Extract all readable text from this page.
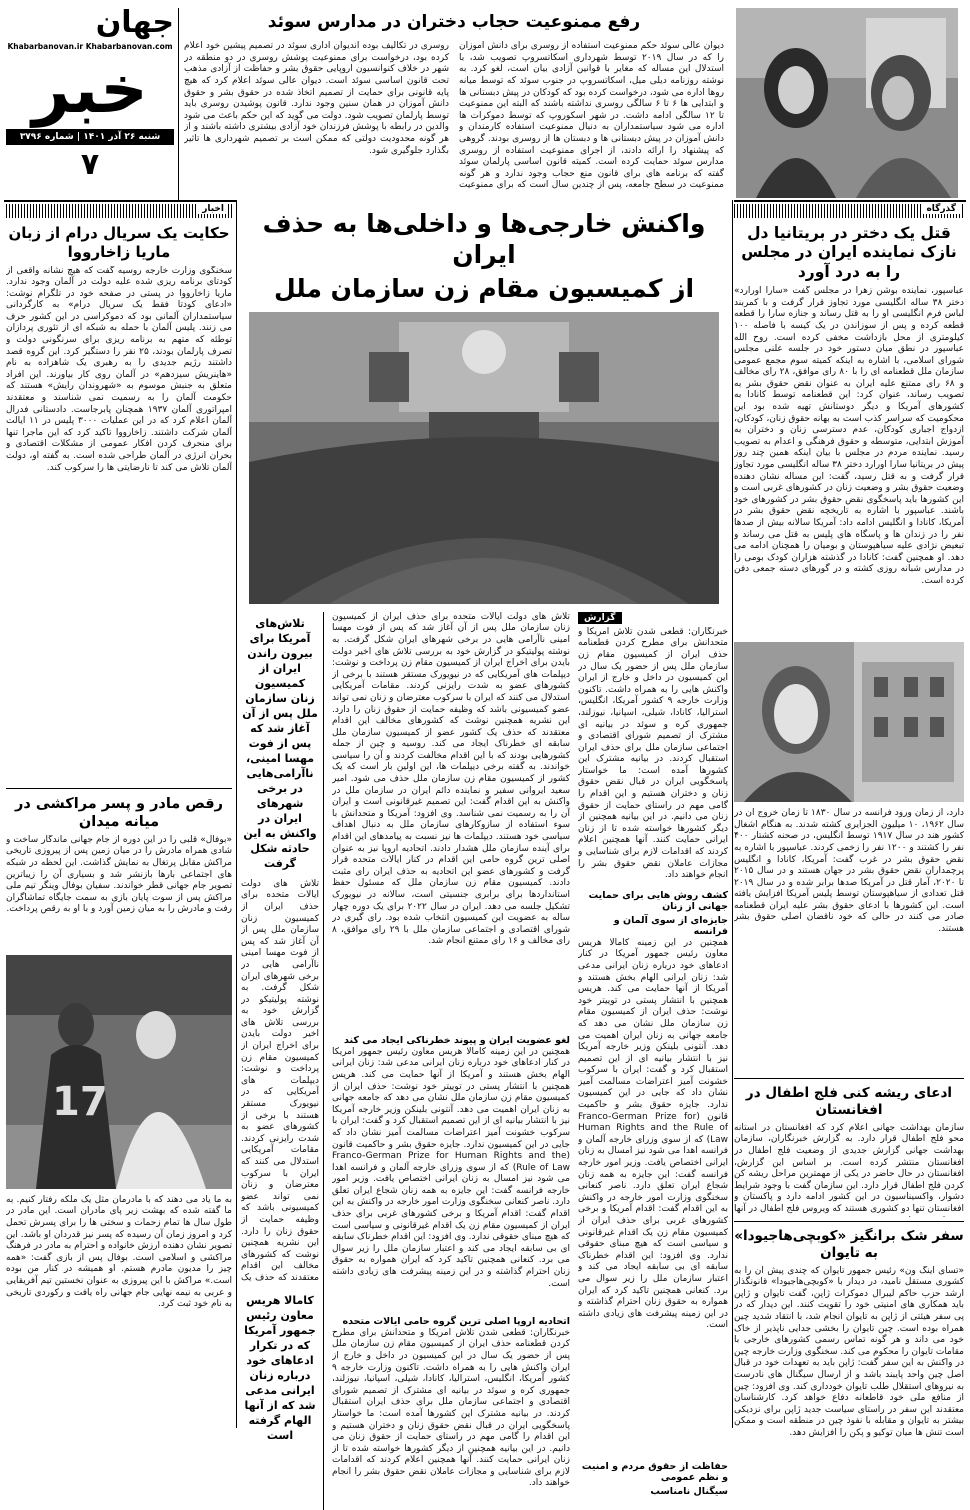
گذرگاه
قتل یک دختر در بریتانیا دل نازک نماینده ایران در مجلس را به درد آورد

عباسپور، نماینده بوشن زهرا در مجلس گفت «سارا اورارد» دختر ۳۸ ساله انگلیسی مورد تجاوز قرار گرفت و با کمربند لباس فرم انگلیسی او را به قتل رساند و جنازه سارا را قطعه قطعه کرده و پس از سوزاندن در یک کیسه با فاصله ۱۰۰ کیلومتری از محل بازداشت مخفی کرده است. روح الله عباسپور در نطق میان دستور خود در جلسه علنی مجلس شورای اسلامی، با اشاره به اینکه کمیته سوم مجمع عمومی سازمان ملل قطعنامه ای را با ۸۰ رای موافق، ۲۸ رای مخالف و ۶۸ رای ممتنع علیه ایران به عنوان نقض حقوق بشر به تصویب رساند، عنوان کرد: این قطعنامه توسط کانادا به کشورهای آمریکا و دیگر دوستانش تهیه شده بود این محکومیت که سراسر کذب است به بهانه حقوق زنان، کودکان، ازدواج اجباری کودکان، عدم دسترسی زنان و دختران به آموزش ابتدایی، متوسطه و حقوق فرهنگی و اعدام به تصویب رسید. نماینده مردم در مجلس با بیان اینکه همین چند روز پیش در بریتانیا سارا اورارد دختر ۳۸ ساله انگلیسی مورد تجاوز قرار گرفت و به قتل رسید، گفت: این مساله نشان دهنده وضعیت حقوق بشر و وضعیت زنان در کشورهای غربی است و این کشورها باید پاسخگوی نقض حقوق بشر در کشورهای خود باشند. عباسپور با اشاره به تاریخچه نقض حقوق بشر در آمریکا، کانادا و انگلیس ادامه داد: آمریکا سالانه بیش از صدها نفر را در زندان ها و پاسگاه های پلیس به قتل می رساند و تبعیض نژادی علیه سیاهپوستان و بومیان را همچنان ادامه می دهد. او همچنین گفت: کانادا در گذشته هزاران کودک بومی را در مدارس شبانه روزی کشته و در گورهای دسته جمعی دفن کرده است.

دارد، از زمان ورود فرانسه در سال ۱۸۳۰ تا زمان خروج آن در سال ۱۹۶۲، ۱۰ میلیون الجزایری کشته شدند. به هنگام اشغال کشور هند در سال ۱۹۱۷ توسط انگلیس، در صحنه کشتار ۴۰۰ نفر را کشتند و ۱۲۰۰ نفر را زخمی کردند. عباسپور با اشاره به نقض حقوق بشر در غرب گفت: آمریکا، کانادا و انگلیس پرچمداران نقض حقوق بشر در جهان هستند و در سال ۲۰۱۵ تا ۲۰۲۰، آمار قتل در آمریکا صدها برابر شده و در سال ۲۰۱۹ قتل تعدادی از سیاهپوستان توسط پلیس آمریکا افزایش یافته است. این کشورها با ادعای حقوق بشر علیه ایران قطعنامه صادر می کنند در حالی که خود ناقضان اصلی حقوق بشر هستند.

ادعای ریشه کنی فلج اطفال در افغانستان

سازمان بهداشت جهانی اعلام کرد که افغانستان در آستانه محو فلج اطفال قرار دارد. به گزارش خبرنگاران، سازمان بهداشت جهانی گزارش جدیدی از وضعیت فلج اطفال در افغانستان منتشر کرده است. بر اساس این گزارش، افغانستان در حال حاضر در یکی از مهمترین مراحل ریشه کن کردن فلج اطفال قرار دارد. این سازمان گفت با وجود شرایط دشوار، واکسیناسیون در این کشور ادامه دارد و پاکستان و افغانستان تنها دو کشوری هستند که ویروس فلج اطفال در آنها

سفر شک برانگیز «کوبچی‌هاجیودا» به تایوان

«تسای اینگ ون» رئیس جمهور تایوان که چندی پیش آن را به کشوری مستقل نامید، در دیدار با «کوبچی‌هاجیودا» قانونگذار ارشد حزب حاکم لیبرال دموکرات ژاپن، گفت تایوان و ژاپن باید همکاری های امنیتی خود را تقویت کنند. این دیدار که در پی سفر هیئتی از ژاپن به تایوان انجام شد، با انتقاد شدید چین همراه بوده است. چین تایوان را بخشی جدایی ناپذیر از خاک خود می داند و هر گونه تماس رسمی کشورهای خارجی با مقامات تایوان را محکوم می کند. سخنگوی وزارت خارجه چین در واکنش به این سفر گفت: ژاپن باید به تعهدات خود در قبال اصل چین واحد پایبند باشد و از ارسال سیگنال های نادرست به نیروهای استقلال طلب تایوان خودداری کند. وی افزود: چین از منافع ملی خود قاطعانه دفاع خواهد کرد. کارشناسان معتقدند این سفر در راستای سیاست جدید ژاپن برای نزدیکی بیشتر به تایوان و مقابله با نفوذ چین در منطقه است و ممکن است تنش ها میان توکیو و پکن را افزایش دهد.

رفع ممنوعیت حجاب دختران در مدارس سوئد

دیوان عالی سوئد حکم ممنوعیت استفاده از روسری برای دانش آموزان را که در سال ۲۰۱۹ توسط شهرداری اسکاتسروپ تصویب شد، با استدلال این مساله که مغایر با قوانین آزادی بیان است، لغو کرد. به نوشته روزنامه دیلی میل، اسکاتسروپ در جنوب سوئد که توسط میانه روها اداره می شود، درخواست کرده بود که کودکان در پیش دبستانی ها و ابتدایی ها ۶ تا ۶ سالگی روسری نداشته باشند که البته این ممنوعیت تا ۱۲ سالگی ادامه داشت. در شهر اسکوروپ که توسط دموکرات ها اداره می شود سیاستمداران به دنبال ممنوعیت استفاده کارمندان و دانش آموزان در پیش دبستانی ها و دبستان ها از روسری بودند. گروهی که پیشنهاد را ارائه دادند، از اجرای ممنوعیت استفاده از روسری مدارس سوئد حمایت کرده است. کمیته قانون اساسی پارلمان سوئد گفته که برنامه های برای قانون منع حجاب وجود ندارد و هر گونه ممنوعیت در سطح جامعه، پس از چندین سال است که برای ممنوعیت

روسری در تکالیف بوده اندیوان اداری سوئد در تصمیم پیشین خود اعلام کرده بود، درخواست برای ممنوعیت پوشش روسری در دو منطقه در شهر در خلاف کنوانسیون اروپایی حقوق بشر و حفاظت از آزادی مذهب تحت قانون اساسی سوئد است. دیوان عالی سوئد اعلام کرد که هیچ پایه قانونی برای حمایت از تصمیم اتخاذ شده در حقوق بشر و حقوق دانش آموزان در همان سنین وجود ندارد. قانون پوشیدن روسری باید توسط پارلمان تصویب شود. دولت می گوید که این حکم باعث می شود والدین در رابطه با پوشش فرزندان خود آزادی بیشتری داشته باشند و از هر گونه محدودیت دولتی که ممکن است بر تصمیم شهرداری ها تاثیر بگذارد جلوگیری شود.

جهان
Khabarbanovan.ir Khabarbanovan.com
خبر
شنبه ۲۶ آذر ۱۴۰۱ | شماره ۳۷۹۶
۷
اخبار
حکایت یک سریال درام از زبان ماریا زاخارووا

سخنگوی وزارت خارجه روسیه گفت که هیچ نشانه واقعی از کودتای برنامه ریزی شده علیه دولت در آلمان وجود ندارد. ماریا زاخارووا در پستی در صفحه خود در تلگرام نوشت: «ادعای کودتا فقط یک سریال درام» به کارگردانی سیاستمداران آلمانی بود که دموکراسی در این کشور حرف می زنند. پلیس آلمان با حمله به شبکه ای از تئوری پردازان توطئه که متهم به برنامه ریزی برای سرنگونی دولت و تصرف پارلمان بودند، ۲۵ نفر را دستگیر کرد. این گروه قصد داشتند رژیم جدیدی را به رهبری یک شاهزاده به نام «هاینریش سیزدهم» در آلمان روی کار بیاورند. این افراد متعلق به جنبش موسوم به «شهروندان رایش» هستند که حکومت آلمان را به رسمیت نمی شناسند و معتقدند امپراتوری آلمان ۱۹۳۷ همچنان پابرجاست. دادستانی فدرال آلمان اعلام کرد که در این عملیات ۳۰۰۰ پلیس در ۱۱ ایالت آلمان شرکت داشتند. زاخارووا تاکید کرد که این ماجرا تنها برای منحرف کردن افکار عمومی از مشکلات اقتصادی و بحران انرژی در آلمان طراحی شده است. به گفته او، دولت آلمان تلاش می کند تا نارضایتی ها را سرکوب کند.

رقص مادر و پسر مراکشی در میانه میدان

«بوفال» قلبی را در این دوره از جام جهانی ماندگار ساخت و شادی همراه مادرش را در میان زمین پس از پیروزی تاریخی مراکش مقابل پرتغال به نمایش گذاشت. این لحظه در شبکه های اجتماعی بارها بازنشر شد و بسیاری آن را زیباترین تصویر جام جهانی قطر خواندند. سفیان بوفال وینگر تیم ملی مراکش پس از سوت پایان بازی به سمت جایگاه تماشاگران رفت و مادرش را به میان زمین آورد و با او به رقص پرداخت.

17

به ما یاد می دهند که با مادرمان مثل یک ملکه رفتار کنیم. به ما گفته شده که بهشت زیر پای مادران است. این مادر در طول سال ها تمام زحمات و سختی ها را برای پسرش تحمل کرد و امروز زمان آن رسیده که پسر نیز قدردان او باشد. این تصویر نشان دهنده ارزش خانواده و احترام به مادر در فرهنگ مراکشی و اسلامی است. بوفال پس از بازی گفت: «همه چیز را مدیون مادرم هستم. او همیشه در کنار من بوده است.» مراکش با این پیروزی به عنوان نخستین تیم آفریقایی و عربی به نیمه نهایی جام جهانی راه یافت و رکوردی تاریخی به نام خود ثبت کرد.

واکنش خارجی‌ها و داخلی‌ها به حذف ایران
از کمیسیون مقام زن سازمان ملل
گزارش

خبرنگاران: قطعی شدن تلاش آمریکا و متحدانش برای مطرح کردن قطعنامه حذف ایران از کمیسیون مقام زن سازمان ملل پس از حضور یک سال در این کمیسیون در داخل و خارج از ایران واکنش هایی را به همراه داشت. تاکنون وزارت خارجه ۹ کشور آمریکا، انگلیس، استرالیا، کانادا، شیلی، اسپانیا، نیوزلند، جمهوری کره و سوئد در بیانیه ای مشترک از تصمیم شورای اقتصادی و اجتماعی سازمان ملل برای حذف ایران استقبال کردند. در بیانیه مشترک این کشورها آمده است: ما خواستار پاسخگویی ایران در قبال نقض حقوق زنان و دختران هستیم و این اقدام را گامی مهم در راستای حمایت از حقوق زنان می دانیم. در این بیانیه همچنین از دیگر کشورها خواسته شده تا از زنان ایرانی حمایت کنند. آنها همچنین اعلام کردند که اقدامات لازم برای شناسایی و مجازات عاملان نقض حقوق بشر را انجام خواهند داد.

کشف روش هایی برای حمایت جهانی از زنان
جایزه‌ای از سوی آلمان و فرانسه

همچنین در این زمینه کامالا هریس معاون رئیس جمهور آمریکا در کنار ادعاهای خود درباره زنان ایرانی مدعی شد: زنان ایرانی الهام بخش هستند و آمریکا از آنها حمایت می کند. هریس همچنین با انتشار پستی در توییتر خود نوشت: حذف ایران از کمیسیون مقام زن سازمان ملل نشان می دهد که جامعه جهانی به زنان ایران اهمیت می دهد. آنتونی بلینکن وزیر خارجه آمریکا نیز با انتشار بیانیه ای از این تصمیم استقبال کرد و گفت: ایران با سرکوب خشونت آمیز اعتراضات مسالمت آمیز نشان داد که جایی در این کمیسیون ندارد. جایزه حقوق بشر و حاکمیت قانون (Franco-German Prize for Human Rights and the Rule of Law) که از سوی وزرای خارجه آلمان و فرانسه اهدا می شود نیز امسال به زنان ایرانی اختصاص یافت. وزیر امور خارجه فرانسه گفت: این جایزه به همه زنان شجاع ایران تعلق دارد. ناصر کنعانی سخنگوی وزارت امور خارجه در واکنش به این اقدام گفت: اقدام آمریکا و برخی کشورهای غربی برای حذف ایران از کمیسیون مقام زن یک اقدام غیرقانونی و سیاسی است که هیچ مبنای حقوقی ندارد. وی افزود: این اقدام خطرناک سابقه ای بی سابقه ایجاد می کند و اعتبار سازمان ملل را زیر سوال می برد. کنعانی همچنین تاکید کرد که ایران همواره به حقوق زنان احترام گذاشته و در این زمینه پیشرفت های زیادی داشته است.

حفاظت از حقوق مردم و امنیت و نظم عمومی
سیگنال نامناسب

تلاش های دولت ایالات متحده برای حذف ایران از کمیسیون زنان سازمان ملل پس از آن آغاز شد که پس از فوت مهسا امینی ناآرامی هایی در برخی شهرهای ایران شکل گرفت. به نوشته پولیتیکو در گزارش خود به بررسی تلاش های اخیر دولت بایدن برای اخراج ایران از کمیسیون مقام زن پرداخت و نوشت: دیپلمات های آمریکایی که در نیویورک مستقر هستند با برخی از کشورهای عضو به شدت رایزنی کردند. مقامات آمریکایی استدلال می کنند که ایران با سرکوب معترضان و زنان نمی تواند عضو کمیسیونی باشد که وظیفه حمایت از حقوق زنان را دارد. این نشریه همچنین نوشت که کشورهای مخالف این اقدام معتقدند که حذف یک کشور عضو از کمیسیون سازمان ملل سابقه ای خطرناک ایجاد می کند. روسیه و چین از جمله کشورهایی بودند که با این اقدام مخالفت کردند و آن را سیاسی خواندند. به گفته برخی دیپلمات ها، این اولین بار است که یک کشور از کمیسیون مقام زن سازمان ملل حذف می شود. امیر سعید ایروانی سفیر و نماینده دائم ایران در سازمان ملل در واکنش به این اقدام گفت: این تصمیم غیرقانونی است و ایران آن را به رسمیت نمی شناسد. وی افزود: آمریکا و متحدانش با سوء استفاده از سازوکارهای سازمان ملل به دنبال اهداف سیاسی خود هستند. دیپلمات ها نیز نسبت به پیامدهای این اقدام برای آینده سازمان ملل هشدار دادند. اتحادیه اروپا نیز به عنوان اصلی ترین گروه حامی این اقدام در کنار ایالات متحده قرار گرفت و کشورهای عضو این اتحادیه به حذف ایران رای مثبت دادند. کمیسیون مقام زن سازمان ملل که مسئول حفظ استانداردها برای برابری جنسیتی است، سالانه در نیویورک تشکیل جلسه می دهد. ایران در سال ۲۰۲۲ برای یک دوره چهار ساله به عضویت این کمیسیون انتخاب شده بود. رای گیری در شورای اقتصادی و اجتماعی سازمان ملل با ۲۹ رای موافق، ۸ رای مخالف و ۱۶ رای ممتنع انجام شد.

لغو عضویت ایران و پیوند خطرناکی ایجاد می کند

همچنین در این زمینه کامالا هریس معاون رئیس جمهور آمریکا در کنار ادعاهای خود درباره زنان ایرانی مدعی شد: زنان ایرانی الهام بخش هستند و آمریکا از آنها حمایت می کند. هریس همچنین با انتشار پستی در توییتر خود نوشت: حذف ایران از کمیسیون مقام زن سازمان ملل نشان می دهد که جامعه جهانی به زنان ایران اهمیت می دهد. آنتونی بلینکن وزیر خارجه آمریکا نیز با انتشار بیانیه ای از این تصمیم استقبال کرد و گفت: ایران با سرکوب خشونت آمیز اعتراضات مسالمت آمیز نشان داد که جایی در این کمیسیون ندارد. جایزه حقوق بشر و حاکمیت قانون (Franco-German Prize for Human Rights and the Rule of Law) که از سوی وزرای خارجه آلمان و فرانسه اهدا می شود نیز امسال به زنان ایرانی اختصاص یافت. وزیر امور خارجه فرانسه گفت: این جایزه به همه زنان شجاع ایران تعلق دارد. ناصر کنعانی سخنگوی وزارت امور خارجه در واکنش به این اقدام گفت: اقدام آمریکا و برخی کشورهای غربی برای حذف ایران از کمیسیون مقام زن یک اقدام غیرقانونی و سیاسی است که هیچ مبنای حقوقی ندارد. وی افزود: این اقدام خطرناک سابقه ای بی سابقه ایجاد می کند و اعتبار سازمان ملل را زیر سوال می برد. کنعانی همچنین تاکید کرد که ایران همواره به حقوق زنان احترام گذاشته و در این زمینه پیشرفت های زیادی داشته است.

اتحادیه اروپا اصلی ترین گروه حامی ایالات متحده

خبرنگاران: قطعی شدن تلاش آمریکا و متحدانش برای مطرح کردن قطعنامه حذف ایران از کمیسیون مقام زن سازمان ملل پس از حضور یک سال در این کمیسیون در داخل و خارج از ایران واکنش هایی را به همراه داشت. تاکنون وزارت خارجه ۹ کشور آمریکا، انگلیس، استرالیا، کانادا، شیلی، اسپانیا، نیوزلند، جمهوری کره و سوئد در بیانیه ای مشترک از تصمیم شورای اقتصادی و اجتماعی سازمان ملل برای حذف ایران استقبال کردند. در بیانیه مشترک این کشورها آمده است: ما خواستار پاسخگویی ایران در قبال نقض حقوق زنان و دختران هستیم و این اقدام را گامی مهم در راستای حمایت از حقوق زنان می دانیم. در این بیانیه همچنین از دیگر کشورها خواسته شده تا از زنان ایرانی حمایت کنند. آنها همچنین اعلام کردند که اقدامات لازم برای شناسایی و مجازات عاملان نقض حقوق بشر را انجام خواهند داد.

تلاش‌های آمریکا برای بیرون راندن ایران از کمیسیون زنان سازمان ملل پس از آن آغاز شد که پس از فوت مهسا امینی، ناآرامی‌هایی در برخی شهرهای ایران در واکنش به این حادثه شکل گرفت

تلاش های دولت ایالات متحده برای حذف ایران از کمیسیون زنان سازمان ملل پس از آن آغاز شد که پس از فوت مهسا امینی ناآرامی هایی در برخی شهرهای ایران شکل گرفت. به نوشته پولیتیکو در گزارش خود به بررسی تلاش های اخیر دولت بایدن برای اخراج ایران از کمیسیون مقام زن پرداخت و نوشت: دیپلمات های آمریکایی که در نیویورک مستقر هستند با برخی از کشورهای عضو به شدت رایزنی کردند. مقامات آمریکایی استدلال می کنند که ایران با سرکوب معترضان و زنان نمی تواند عضو کمیسیونی باشد که وظیفه حمایت از حقوق زنان را دارد. این نشریه همچنین نوشت که کشورهای مخالف این اقدام معتقدند که حذف یک

کامالا هریس معاون رئیس جمهور آمریکا که در تکرار ادعاهای خود درباره زنان ایرانی مدعی شد که از آنها الهام گرفته است
